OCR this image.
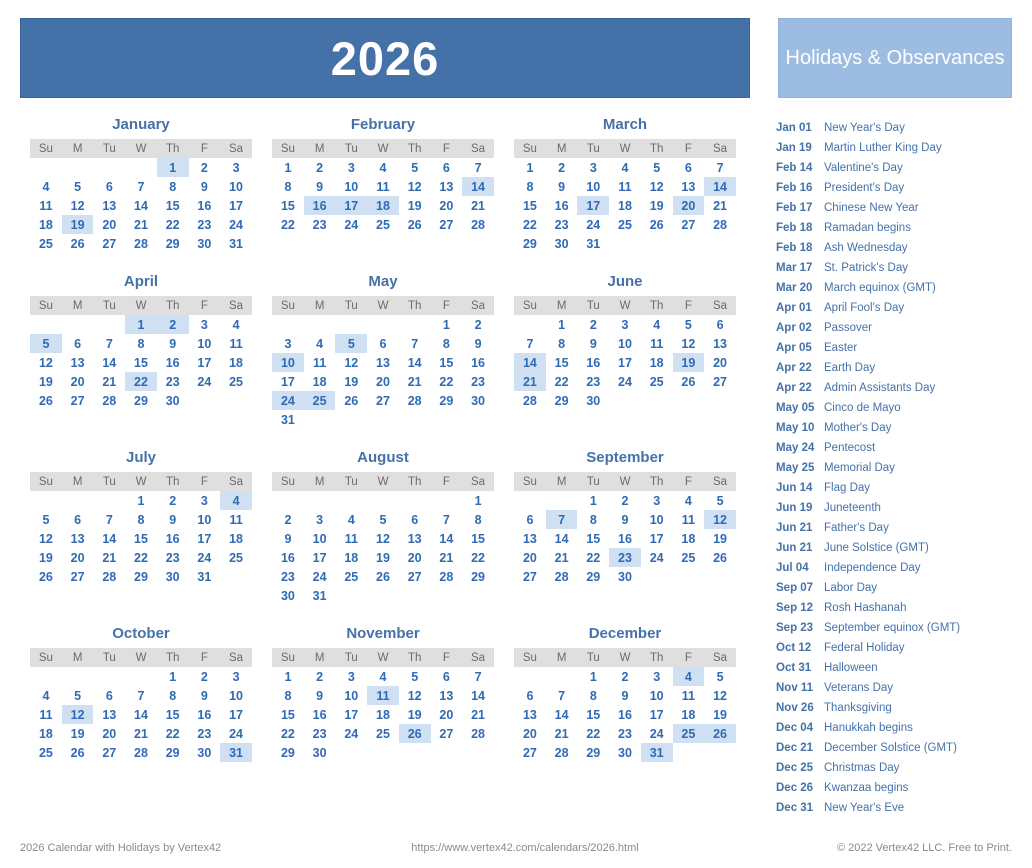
2026	Holidays & Observances
January
Su	M	Tu	W	Th	F	Sa
				1	2	3
4	5	6	7	8	9	10
11	12	13	14	15	16	17
18	19	20	21	22	23	24
25	26	27	28	29	30	31
February
Su	M	Tu	W	Th	F	Sa
1	2	3	4	5	6	7
8	9	10	11	12	13	14
15	16	17	18	19	20	21
22	23	24	25	26	27	28
March
Su	M	Tu	W	Th	F	Sa
1	2	3	4	5	6	7
8	9	10	11	12	13	14
15	16	17	18	19	20	21
22	23	24	25	26	27	28
29	30	31				
April
Su	M	Tu	W	Th	F	Sa
			1	2	3	4
5	6	7	8	9	10	11
12	13	14	15	16	17	18
19	20	21	22	23	24	25
26	27	28	29	30		
May
Su	M	Tu	W	Th	F	Sa
					1	2
3	4	5	6	7	8	9
10	11	12	13	14	15	16
17	18	19	20	21	22	23
24	25	26	27	28	29	30
31						
June
Su	M	Tu	W	Th	F	Sa
	1	2	3	4	5	6
7	8	9	10	11	12	13
14	15	16	17	18	19	20
21	22	23	24	25	26	27
28	29	30				
July
Su	M	Tu	W	Th	F	Sa
			1	2	3	4
5	6	7	8	9	10	11
12	13	14	15	16	17	18
19	20	21	22	23	24	25
26	27	28	29	30	31	
August
Su	M	Tu	W	Th	F	Sa
						1
2	3	4	5	6	7	8
9	10	11	12	13	14	15
16	17	18	19	20	21	22
23	24	25	26	27	28	29
30	31					
September
Su	M	Tu	W	Th	F	Sa
		1	2	3	4	5
6	7	8	9	10	11	12
13	14	15	16	17	18	19
20	21	22	23	24	25	26
27	28	29	30			
October
Su	M	Tu	W	Th	F	Sa
				1	2	3
4	5	6	7	8	9	10
11	12	13	14	15	16	17
18	19	20	21	22	23	24
25	26	27	28	29	30	31
November
Su	M	Tu	W	Th	F	Sa
1	2	3	4	5	6	7
8	9	10	11	12	13	14
15	16	17	18	19	20	21
22	23	24	25	26	27	28
29	30					
December
Su	M	Tu	W	Th	F	Sa
		1	2	3	4	5
6	7	8	9	10	11	12
13	14	15	16	17	18	19
20	21	22	23	24	25	26
27	28	29	30	31		
Jan 01	New Year's Day
Jan 19	Martin Luther King Day
Feb 14	Valentine's Day
Feb 16	President's Day
Feb 17	Chinese New Year
Feb 18	Ramadan begins
Feb 18	Ash Wednesday
Mar 17	St. Patrick's Day
Mar 20	March equinox (GMT)
Apr 01	April Fool's Day
Apr 02	Passover
Apr 05	Easter
Apr 22	Earth Day
Apr 22	Admin Assistants Day
May 05 Cinco de Mayo
May 10 Mother's Day
May 24 Pentecost
May 25 Memorial Day
Jun 14	Flag Day
Jun 19	Juneteenth
Jun 21	Father's Day
Jun 21	June Solstice (GMT)
Jul 04	Independence Day
Sep 07 Labor Day
Sep 12 Rosh Hashanah
Sep 23 September equinox (GMT)
Oct 12	Federal Holiday
Oct 31	Halloween
Nov 11 Veterans Day
Nov 26 Thanksgiving
Dec 04 Hanukkah begins
Dec 21 December Solstice (GMT)
Dec 25 Christmas Day
Dec 26 Kwanzaa begins
Dec 31 New Year's Eve
2026 Calendar with Holidays by Vertex42	https://www.vertex42.com/calendars/2026.html	© 2022 Vertex42 LLC. Free to Print.
